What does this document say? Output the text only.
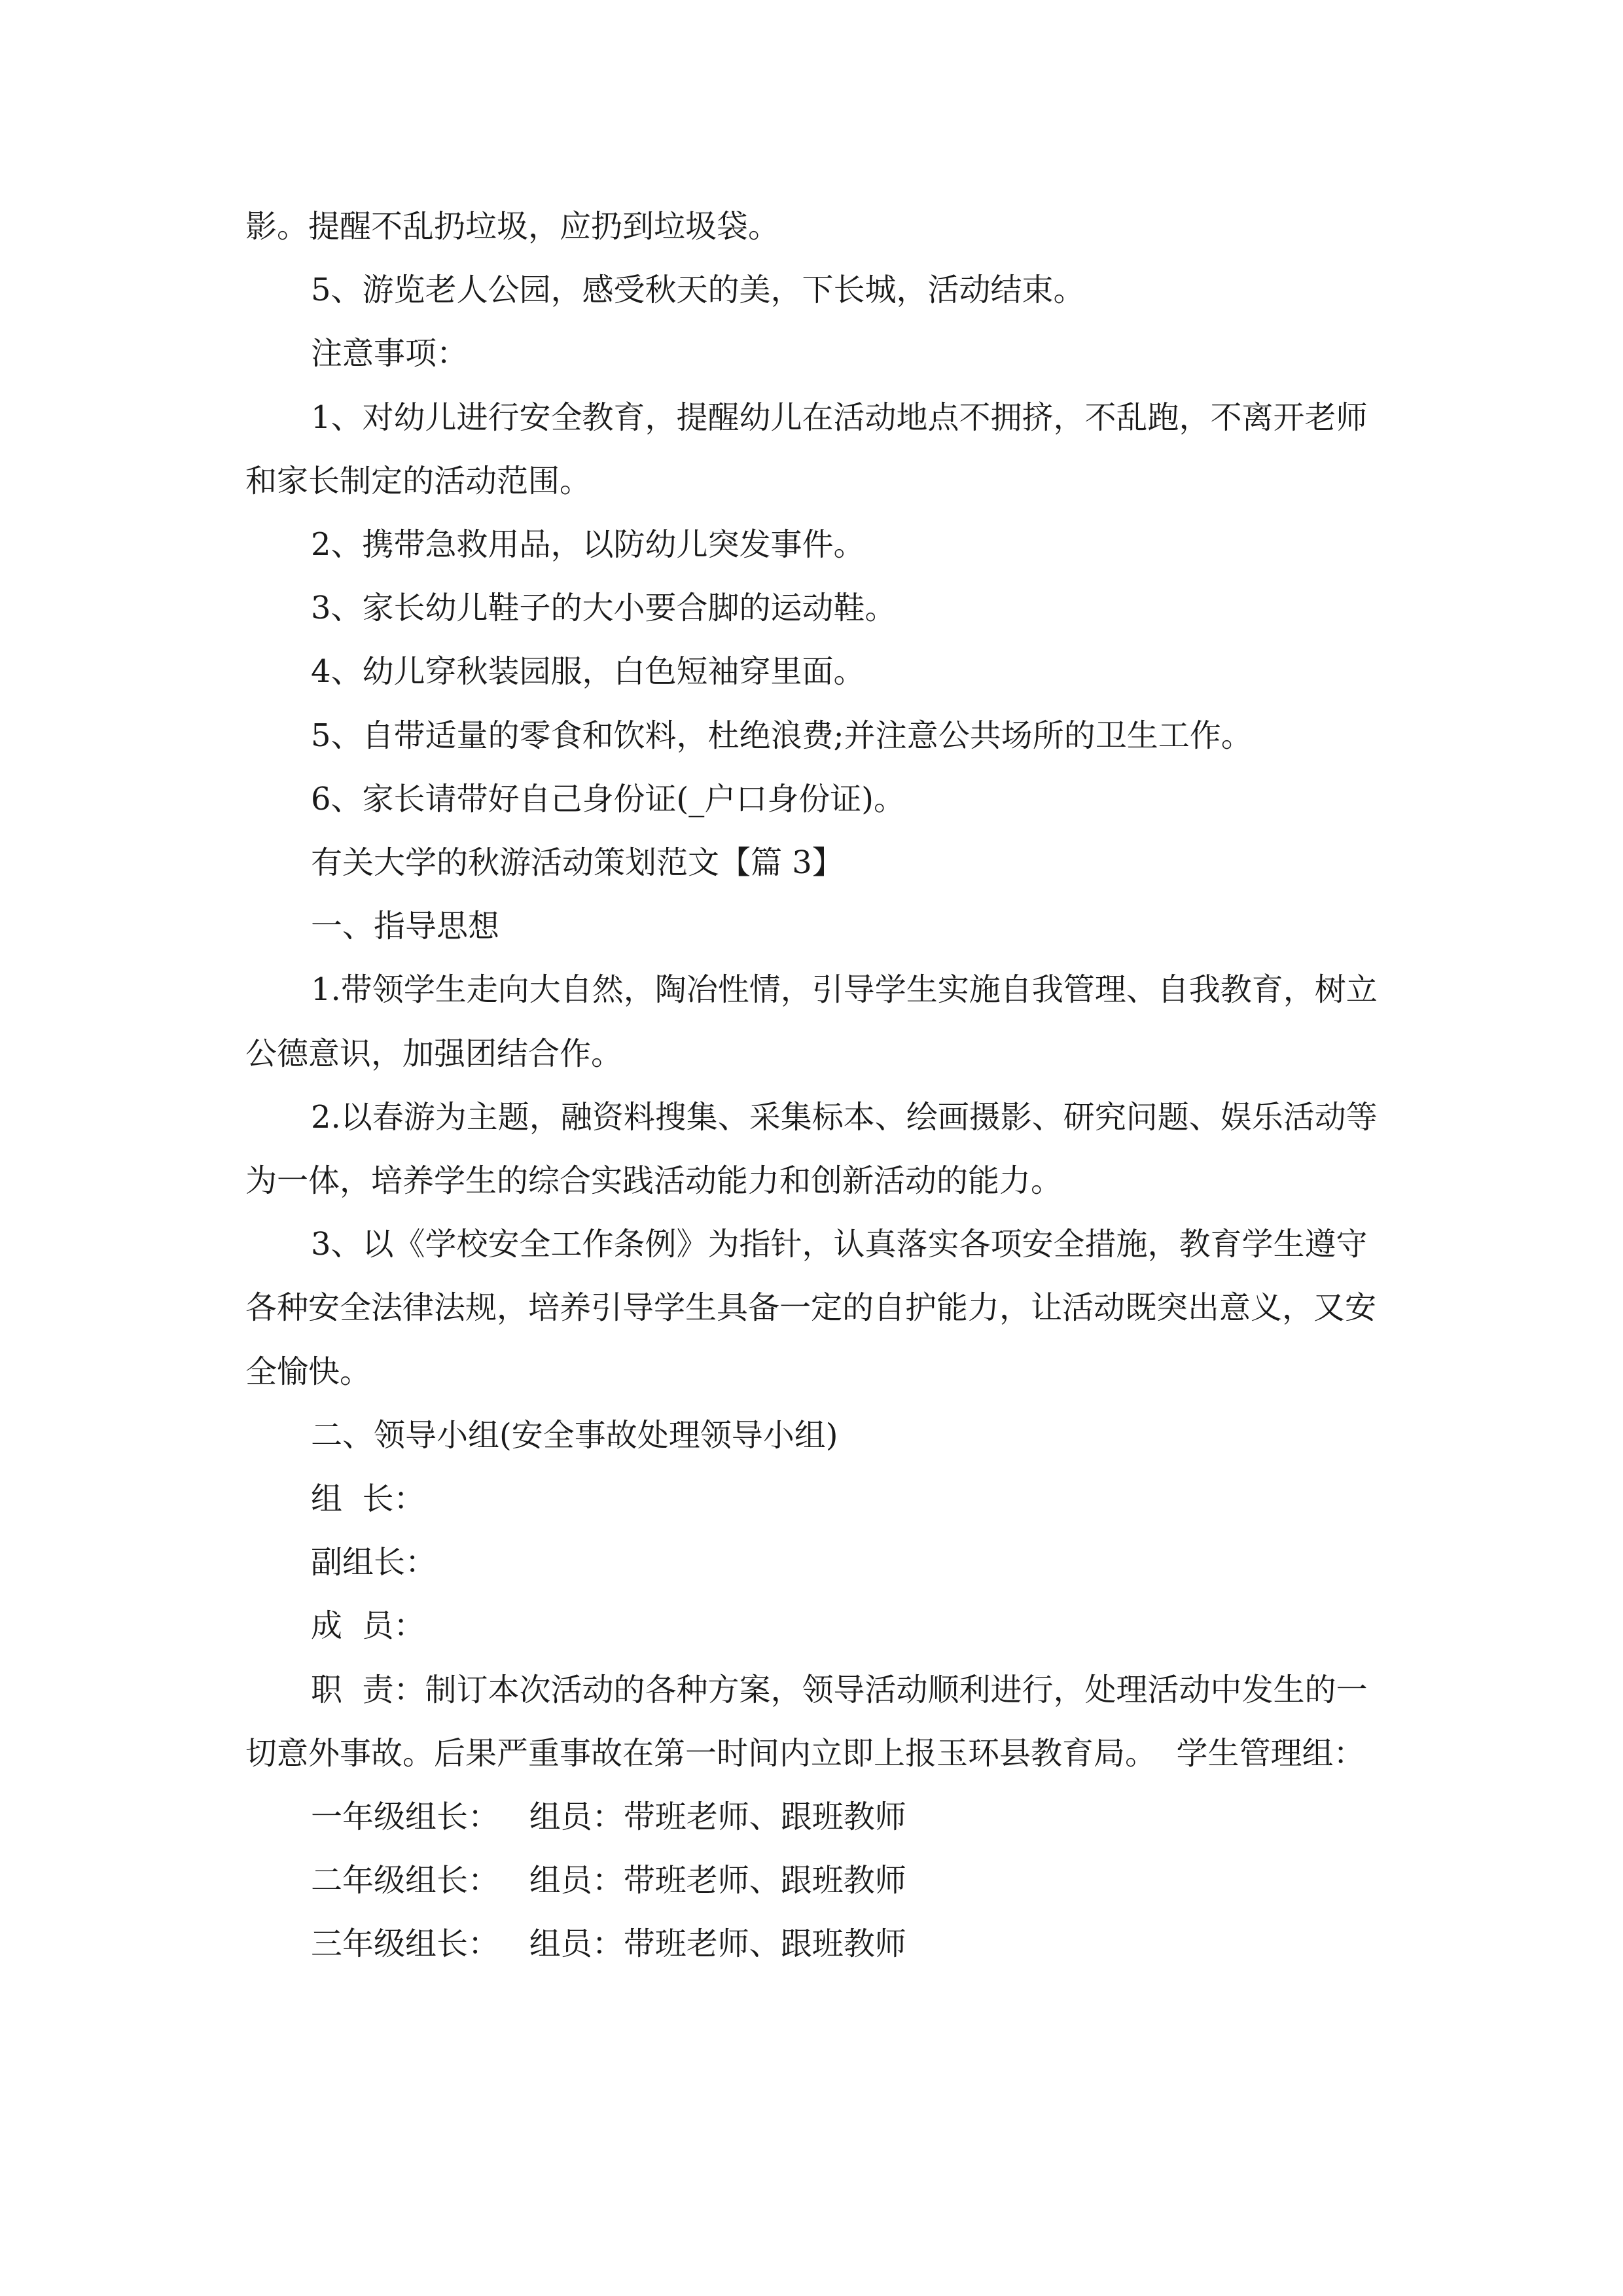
影。提醒不乱扔垃圾，应扔到垃圾袋。

5、游览老人公园，感受秋天的美，下长城，活动结束。

注意事项：

1、对幼儿进行安全教育，提醒幼儿在活动地点不拥挤，不乱跑，不离开老师和家长制定的活动范围。

2、携带急救用品，以防幼儿突发事件。

3、家长幼儿鞋子的大小要合脚的运动鞋。

4、幼儿穿秋装园服，白色短袖穿里面。

5、自带适量的零食和饮料，杜绝浪费;并注意公共场所的卫生工作。

6、家长请带好自己身份证(_户口身份证)。

有关大学的秋游活动策划范文【篇 3】

一、指导思想

1.带领学生走向大自然，陶冶性情，引导学生实施自我管理、自我教育，树立公德意识，加强团结合作。

2.以春游为主题，融资料搜集、采集标本、绘画摄影、研究问题、娱乐活动等为一体，培养学生的综合实践活动能力和创新活动的能力。

3、以《学校安全工作条例》为指针，认真落实各项安全措施，教育学生遵守各种安全法律法规，培养引导学生具备一定的自护能力，让活动既突出意义，又安全愉快。

二、领导小组(安全事故处理领导小组)

组  长：

副组长：

成  员：

职  责：制订本次活动的各种方案，领导活动顺利进行，处理活动中发生的一切意外事故。后果严重事故在第一时间内立即上报玉环县教育局。  学生管理组：

一年级组长：   组员：带班老师、跟班教师

二年级组长：   组员：带班老师、跟班教师

三年级组长：   组员：带班老师、跟班教师
